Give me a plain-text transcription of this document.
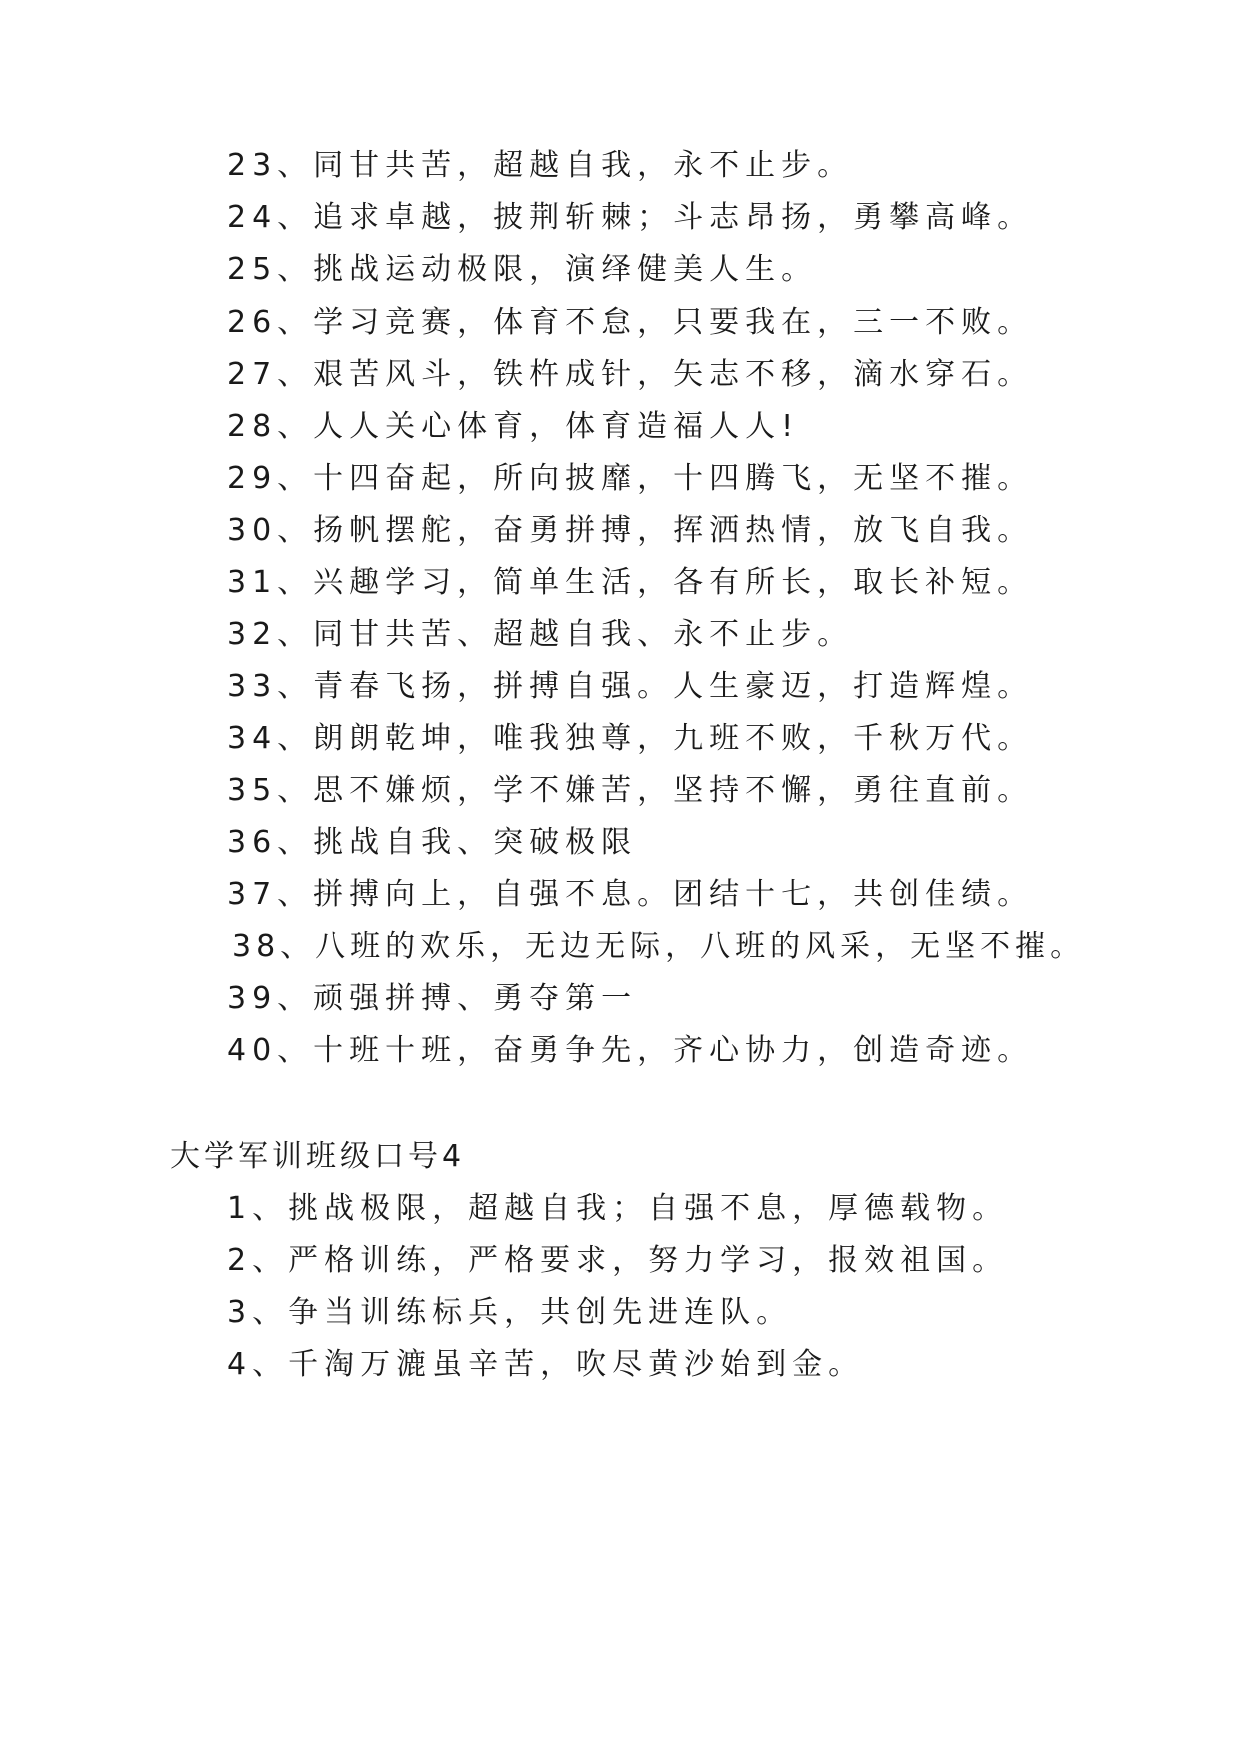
23、同甘共苦，超越自我，永不止步。
24、追求卓越，披荆斩棘；斗志昂扬，勇攀高峰。
25、挑战运动极限，演绎健美人生。
26、学习竞赛，体育不怠，只要我在，三一不败。
27、艰苦风斗，铁杵成针，矢志不移，滴水穿石。
28、人人关心体育，体育造福人人!
29、十四奋起，所向披靡，十四腾飞，无坚不摧。
30、扬帆摆舵，奋勇拼搏，挥洒热情，放飞自我。
31、兴趣学习，简单生活，各有所长，取长补短。
32、同甘共苦、超越自我、永不止步。
33、青春飞扬，拼搏自强。人生豪迈，打造辉煌。
34、朗朗乾坤，唯我独尊，九班不败，千秋万代。
35、思不嫌烦，学不嫌苦，坚持不懈，勇往直前。
36、挑战自我、突破极限
37、拼搏向上，自强不息。团结十七，共创佳绩。
38、八班的欢乐，无边无际，八班的风采，无坚不摧。
39、顽强拼搏、勇夺第一
40、十班十班，奋勇争先，齐心协力，创造奇迹。
大学军训班级口号4
1、挑战极限，超越自我；自强不息，厚德载物。
2、严格训练，严格要求，努力学习，报效祖国。
3、争当训练标兵，共创先进连队。
4、千淘万漉虽辛苦，吹尽黄沙始到金。
